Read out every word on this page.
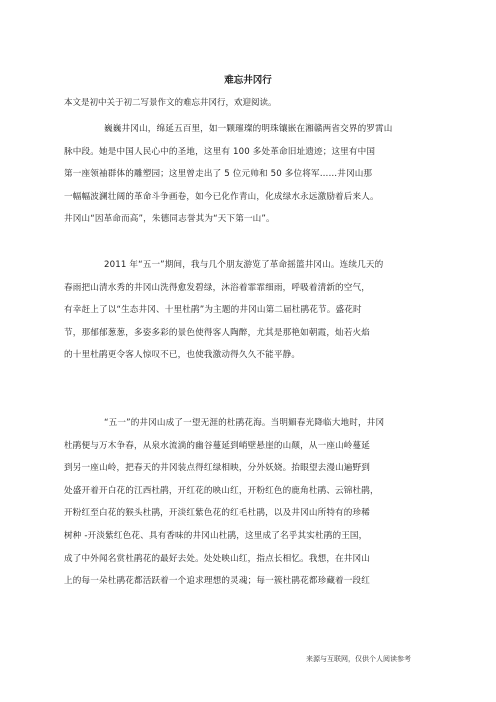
难忘井冈行
本文是初中关于初二写景作文的难忘井冈行，欢迎阅读。

巍巍井冈山，绵延五百里，如一颗璀璨的明珠镶嵌在湘赣两省交界的罗霄山

脉中段。她是中国人民心中的圣地，这里有 100 多处革命旧址遗迹；这里有中国

第一座领袖群体的雕塑园；这里曾走出了 5 位元帅和 50 多位将军……井冈山那

一幅幅波澜壮阔的革命斗争画卷，如今已化作青山，化成绿水永远激励着后来人。

井冈山“因革命而高”，朱德同志誉其为“天下第一山”。

2011 年“五一”期间，我与几个朋友游览了革命摇篮井冈山。连续几天的

春雨把山清水秀的井冈山洗得愈发碧绿，沐浴着霏霏细雨，呼吸着清新的空气，

有幸赶上了以“生态井冈、十里杜鹃”为主题的井冈山第二届杜鹃花节。盛花时

节，那郁郁葱葱，多姿多彩的景色使得客人陶醉，尤其是那艳如朝霞，灿若火焰

的十里杜鹃更令客人惊叹不已，也使我激动得久久不能平静。

“五一”的井冈山成了一望无涯的杜鹃花海。当明媚春光降临大地时，井冈

杜鹃便与万木争春，从泉水流淌的幽谷蔓延到峭壁悬崖的山颠，从一座山岭蔓延

到另一座山岭，把春天的井冈装点得红绿相映，分外妖娆。抬眼望去漫山遍野到

处盛开着开白花的江西杜鹃，开红花的映山红，开粉红色的鹿角杜鹃、云锦杜鹃，

开粉红至白花的猴头杜鹃，开淡红紫色花的红毛杜鹃，以及井冈山所特有的珍稀

树种 -开淡紫红色花、具有香味的井冈山杜鹃，这里成了名乎其实杜鹃的王国，

成了中外闻名赏杜鹃花的最好去处。处处映山红，指点长相忆。我想，在井冈山

上的每一朵杜鹃花都活跃着一个追求理想的灵魂；每一簇杜鹃花都珍藏着一段红

来源与互联网，仅供个人阅读参考
